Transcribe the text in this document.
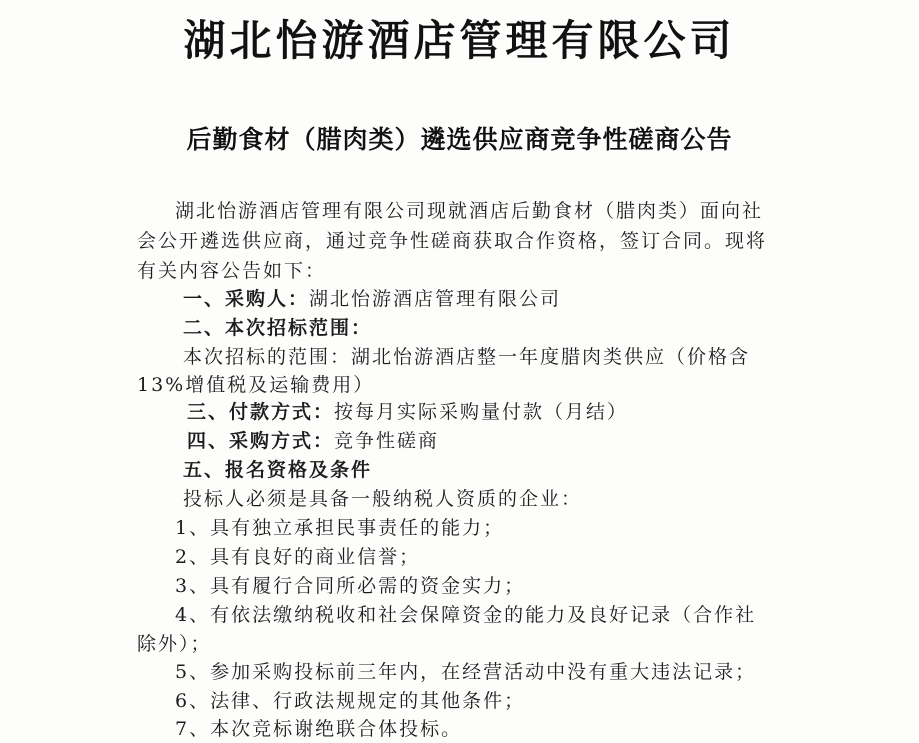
湖北怡游酒店管理有限公司
后勤食材（腊肉类）遴选供应商竞争性磋商公告
湖北怡游酒店管理有限公司现就酒店后勤食材（腊肉类）面向社
会公开遴选供应商，通过竞争性磋商获取合作资格，签订合同。现将
有关内容公告如下：
一、采购人：湖北怡游酒店管理有限公司
二、本次招标范围：
本次招标的范围：湖北怡游酒店整一年度腊肉类供应（价格含
13%增值税及运输费用）
三、付款方式：按每月实际采购量付款（月结）
四、采购方式：竞争性磋商
五、报名资格及条件
投标人必须是具备一般纳税人资质的企业：
1、具有独立承担民事责任的能力；
2、具有良好的商业信誉；
3、具有履行合同所必需的资金实力；
4、有依法缴纳税收和社会保障资金的能力及良好记录（合作社
除外）；
5、参加采购投标前三年内，在经营活动中没有重大违法记录；
6、法律、行政法规规定的其他条件；
7、本次竞标谢绝联合体投标。
